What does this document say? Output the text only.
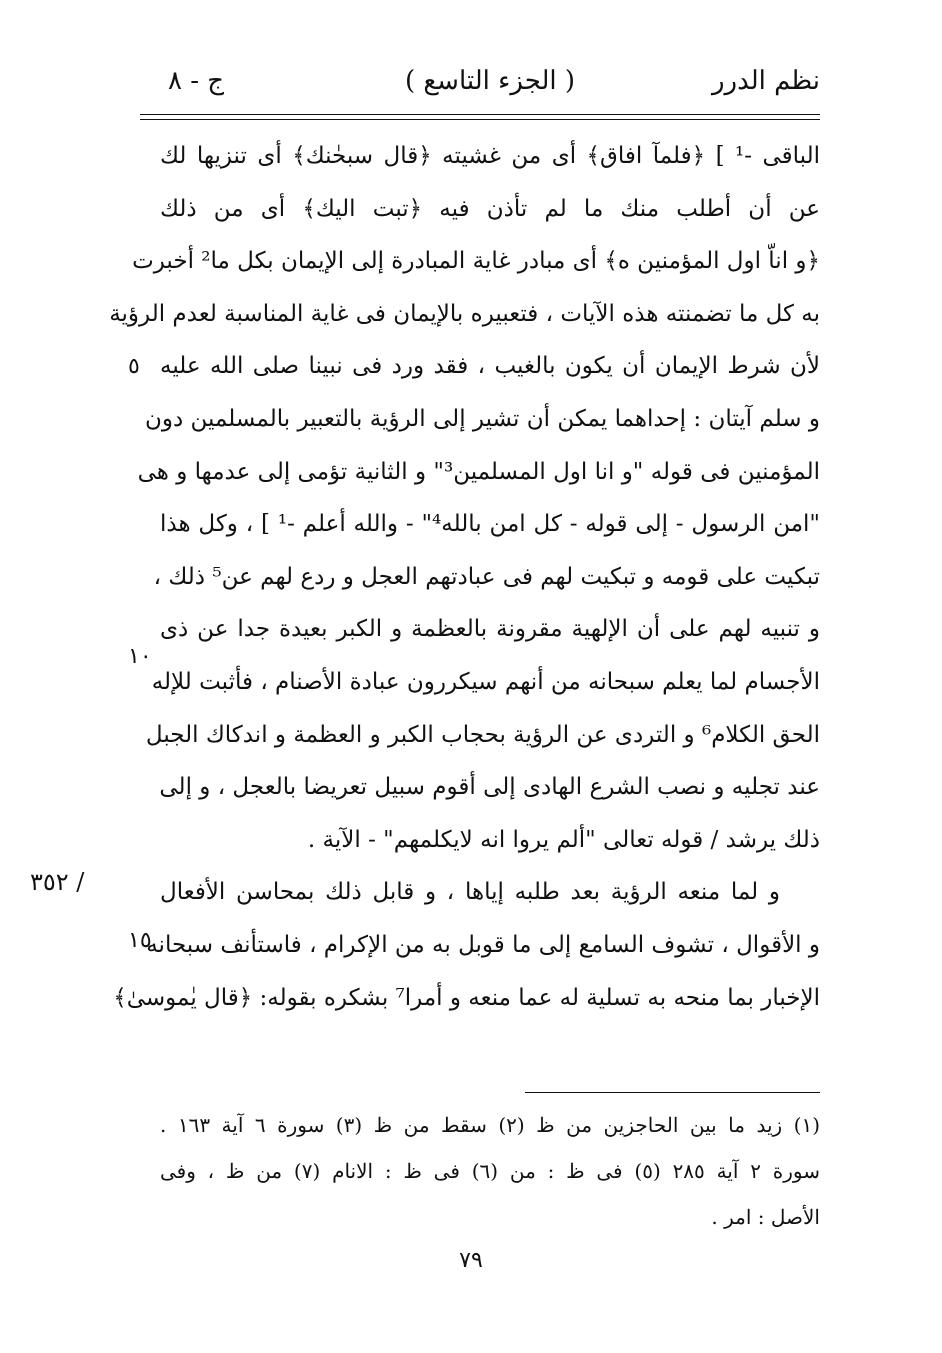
نظم الدرر
( الجزء التاسع )
ج - ٨
الباقى -¹ ] ﴿فلمآ افاق﴾ أى من غشيته ﴿قال سبحٰنك﴾ أى تنزيها لك
عن أن أطلب منك ما لم تأذن فيه ﴿تبت اليك﴾ أى من ذلك
﴿و اناّ اول المؤمنين ه﴾ أى مبادر غاية المبادرة إلى الإيمان بكل ما² أخبرت
به كل ما تضمنته هذه الآيات ، فتعبيره بالإيمان فى غاية المناسبة لعدم الرؤية
لأن شرط الإيمان أن يكون بالغيب ، فقد ورد فى نبينا صلى الله عليه
و سلم آيتان : إحداهما يمكن أن تشير إلى الرؤية بالتعبير بالمسلمين دون
المؤمنين فى قوله "و انا اول المسلمين³" و الثانية تؤمى إلى عدمها و هى
"امن الرسول - إلى قوله - كل امن بالله⁴" - والله أعلم -¹ ] ، وكل هذا
تبكيت على قومه و تبكيت لهم فى عبادتهم العجل و ردع لهم عن⁵ ذلك ،
و تنبيه لهم على أن الإلهية مقرونة بالعظمة و الكبر بعيدة جدا عن ذى
الأجسام لما يعلم سبحانه من أنهم سيكررون عبادة الأصنام ، فأثبت للإله
الحق الكلام⁶ و التردى عن الرؤية بحجاب الكبر و العظمة و اندكاك الجبل
عند تجليه و نصب الشرع الهادى إلى أقوم سبيل تعريضا بالعجل ، و إلى
ذلك يرشد / قوله تعالى "ألم يروا انه لايكلمهم" - الآية .
و لما منعه الرؤية بعد طلبه إياها ، و قابل ذلك بمحاسن الأفعال
و الأقوال ، تشوف السامع إلى ما قوبل به من الإكرام ، فاستأنف سبحانه
الإخبار بما منحه به تسلية له عما منعه و أمرا⁷ بشكره بقوله: ﴿قال يٰموسىٰ﴾
٥
١٠
١٥
/ ٣٥٢
(١) زيد ما بين الحاجزين من ظ (٢) سقط من ظ (٣) سورة ٦ آية ١٦٣ .
سورة ٢ آية ٢٨٥ (٥) فى ظ : من (٦) فى ظ : الانام (٧) من ظ ، وفى
الأصل : امر .
٧٩
